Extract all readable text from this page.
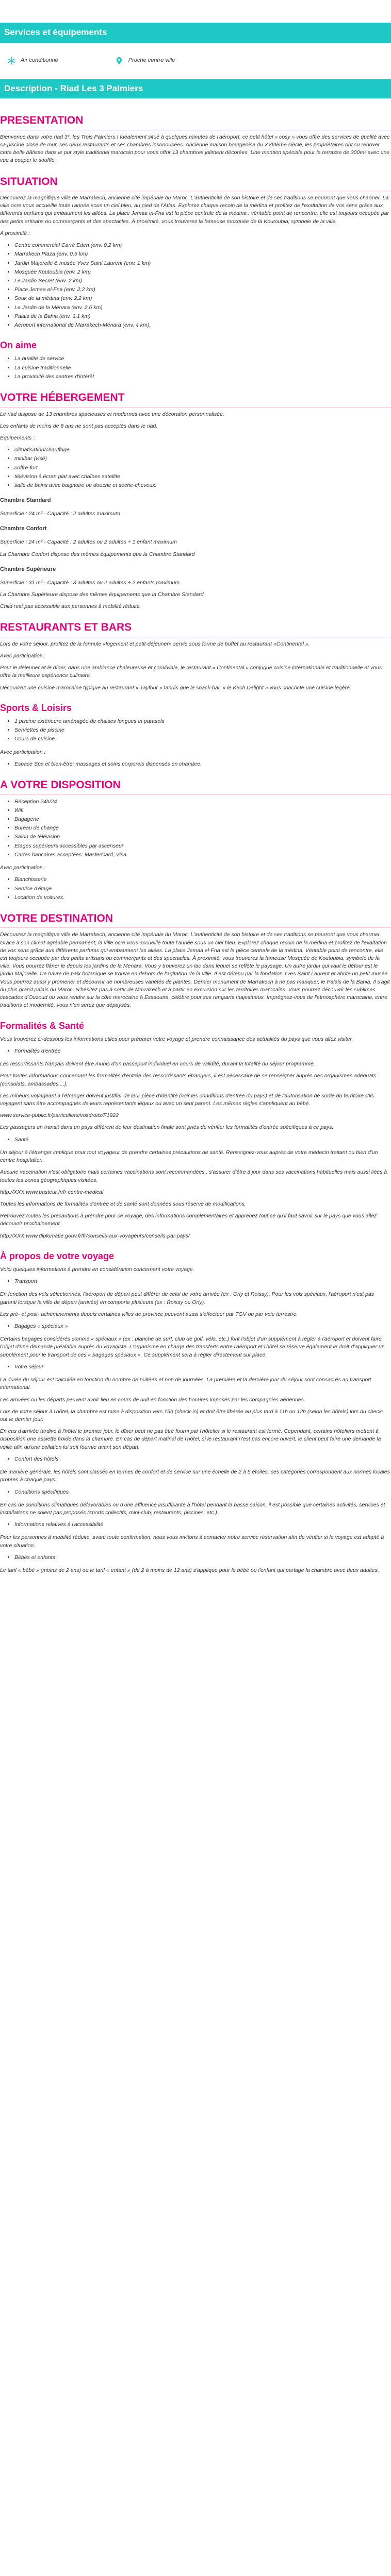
Services et équipements
Air conditionné	Proche centre ville
Description - Riad Les 3 Palmiers
PRESENTATION

Bienvenue dans votre riad 3*, les Trois Palmiers ! Idéalement situé à quelques minutes de l'aéroport, ce petit hôtel « cosy » vous offre des services de qualité avec sa piscine close de mur, ses deux restaurants et ses chambres insonorisées. Ancienne maison bourgeoise du XVIIIème siècle, les propriétaires ont su renover cette belle bâtisse dans le pur style traditionel marocain pour vous offrir 13 chambres joliment décorées. Une mention spéciale pour la terrasse de 300m² avec une vue à couper le souffle.

SITUATION

Découvrez la magnifique ville de Marrakech, ancienne cité impériale du Maroc. L'authenticité de son histoire et de ses traditions se pourront que vous charmer. La ville ocre vous accueille toute l'année sous un ciel bleu, au pied de l'Atlas. Explorez chaque recoin de la médina et profitez de l'exaltation de vos sens grâce aux différents parfums qui embaument les allées. La place Jemaa el-Fna est la pièce centrale de la médina : véritable point de rencontre, elle est toujours occupée par des petits artisans ou commerçants et des spectacles. À proximité, vous trouverez la fameuse mosquée de la Koutoubia, symbole de la ville.

A proximité :

• Centre commercial Carré Eden (env. 0,2 km)
• Marrakech Plaza (env. 0,5 km)
• Jardin Majorelle & musée Yves Saint Laurent (env. 1 km)
• Mosquée Koutoubia (env. 2 km)
• Le Jardin Secret (env. 2 km)
• Place Jemaa el-Fna (env. 2,2 km)
• Souk de la médina (env. 2,2 km)
• Le Jardin de la Ménara (env. 2,6 km)
• Palais de la Bahia (env. 3,1 km)
• Aéroport international de Marrakech-Ménara (env. 4 km).
On aime
• La qualité de service
• La cuisine traditionnelle
• La proximité des centres d'intérêt
VOTRE HÉBERGEMENT

Le riad dispose de 13 chambres spacieuses et modernes avec une décoration personnalisée.

Les enfants de moins de 8 ans ne sont pas acceptés dans le riad.

Equipements :

• climatisation/chauffage
• minibar (visé)
• coffre-fort
• télévision à écran plat avec chaînes satellite
• salle de bains avec baignoire ou douche et sèche-cheveux.
Chambre Standard

Superficie : 24 m² - Capacité : 2 adultes maximum

Chambre Confort

Superficie : 24 m² - Capacité : 2 adultes ou 2 adultes + 1 enfant maximum

La Chambre Confort dispose des mêmes équipements que la Chambre Standard

Chambre Supérieure

Superficie : 31 m² - Capacité : 3 adultes ou 2 adultes + 2 enfants maximum

La Chambre Supérieure dispose des mêmes équipements que la Chambre Standard.

Child rest pas accessible aux personnes à mobilité réduite.

RESTAURANTS ET BARS

Lors de votre séjour, profitez de la formule «logement et petit-déjeuner» servie sous forme de buffet au restaurant «Continental ».

Avec participation :

Pour le déjeuner et le dîner, dans une ambiance chaleureuse et conviviale, le restaurant « Continental » conjugue cuisine internationale et traditionnelle et vous offre la meilleure expérience culinaire.

Découvrez une cuisine marocaine typique au restaurant « Tayfour » tandis que le snack-bar, « le Kech Delight » vous concocte une cuisine légère.

Sports & Loisirs
• 1 piscine extérieure aménagée de chaises longues et parasols
• Serviettes de piscine
• Cours de cuisine.

Avec participation :

• Espace Spa et bien-être: massages et soins corporels dispensés en chambre.
A VOTRE DISPOSITION
• Réception 24h/24
• Wifi
• Bagagerie
• Bureau de change
• Salon de télévision
• Etages supérieurs accessibles par ascenseur
• Cartes bancaires acceptées: MasterCard, Visa.

Avec participation :

• Blanchisserie
• Service d'étage
• Location de voitures.
VOTRE DESTINATION

Découvrez la magnifique ville de Marrakech, ancienne cité impériale du Maroc. L'authenticité de son histoire et de ses traditions se pourront que vous charmer. Grâce à son climat agréable permanent, la ville ocre vous accueille toute l'année sous un ciel bleu. Explorez chaque recoin de la médina et profitez de l'exaltation de vos sens grâce aux différents parfums qui embaument les allées. La place Jemaa el-Fna est la pièce centrale de la médina. Véritable point de rencontre, elle est toujours occupée par des petits artisans ou commerçants et des spectacles. À proximité, vous trouverez la fameuse Mosquée de Koutoubia, symbole de la ville. Vous pourrez flâner le depuis les jardins de la Menara. Vous y trouverez un lac dans lequel se reflète le paysage. Un autre jardin qui vaut le détour est le jardin Majorelle. Ce havre de paix botanique se trouve en dehors de l'agitation de la ville. Il est détenu par la fondation Yves Saint Laurent et abrite un petit musée. Vous pourrez aussi y promener et découvrir de nombreuses variétés de plantes. Dernier monument de Marrakech à ne pas manquer, le Palais de la Bahia. Il s'agit du plus grand palais du Maroc. N'hésitez pas à sortir de Marrakech et à partir en excursion sur les territoires marocains. Vous pourrez découvrir les sublimes cascades d'Ouzoud ou vous rendre sur la côte marocaine à Essaouira, célèbre pour ses remparts majestueux. Imprégnez-vous de l'atmosphère marocaine, entre traditions et modernité, vous n'en serez que dépaysés.

Formalités & Santé

Vous trouverez ci-dessous les informations utiles pour préparer votre voyage et prendre connaissance des actualités du pays que vous allez visiter.

• Formalités d'entrée

Les ressortissants français doivent être munis d'un passeport individuel en cours de validité, durant la totalité du séjour programmé.

Pour toutes informations concernant les formalités d'entrée des ressortissants étrangers, il est nécessaire de se renseigner auprès des organismes adéquats (consulats, ambassades,...).

Les mineurs voyageant à l'étranger doivent justifier de leur pièce d'identité (voir les conditions d'entrée du pays) et de l'autorisation de sortie du territoire s'ils voyagent sans être accompagnés de leurs représentants légaux ou avec un seul parent. Les mêmes règles s'appliquent au bébé.

www.service-public.fr/particuliers/vosdroits/F1922

Les passagers en transit dans un pays différent de leur destination finale sont priés de vérifier les formalités d'entrée spécifiques à ce pays.

• Santé

Un séjour à l'étranger implique pour tout voyageur de prendre certaines précautions de santé. Renseignez-vous auprès de votre médecin traitant ou bien d'un centre hospitalier.

Aucune vaccination n'est obligatoire mais certaines vaccinations sont recommandées : s'assurer d'être à jour dans ses vaccinations habituelles mais aussi liées à toutes les zones géographiques visitées.

http://XXX.www.pasteur.fr/fr centre-medical

Toutes les informations de formalités d'entrée et de santé sont données sous réserve de modifications.

Retrouvez toutes les précautions à prendre pour ce voyage, des informations complémentaires et apprenez tout ce qu'il faut savoir sur le pays que vous allez découvrir prochainement.

http://XXX.www.diplomatie.gouv.fr/fr/conseils-aux-voyageurs/conseils-par-pays/

À propos de votre voyage

Voici quelques informations à prendre en considération concernant votre voyage.

• Transport

En fonction des vols sélectionnés, l'aéroport de départ peut différer de celui de votre arrivée (ex : Orly et Roissy). Pour les vols spéciaux, l'aéroport n'est pas garanti lorsque la ville de départ (arrivée) en comporte plusieurs (ex : Roissy ou Orly).

Les pré- et post- acheminements depuis certaines villes de province peuvent aussi s'effectuer par TGV ou par voie terrestre.

• Bagages « spéciaux »

Certains bagages considérés comme « spéciaux » (ex : planche de surf, club de golf, vélo, etc.) font l'objet d'un supplément à régler à l'aéroport et doivent faire l'objet d'une demande préalable auprès du voyagiste. L'organisme en charge des transferts entre l'aéroport et l'hôtel se réserve également le droit d'appliquer un supplément pour le transport de ces « bagages spéciaux ». Ce supplément sera à régler directement sur place.

• Votre séjour

La durée du séjour est calculée en fonction du nombre de nuitées et non de journées. La première et la dernière jour du séjour sont consacrés au transport international.

Les arrivées ou les départs peuvent avoir lieu en cours de nuit en fonction des horaires imposés par les compagnies aériennes.

Lors de votre séjour à l'hôtel, la chambre est mise à disposition vers 15h (check-in) et doit être libérée au plus tard à 11h ou 12h (selon les hôtels) lors du check-out le dernier jour.

En cas d'arrivée tardive à l'hôtel le premier jour, le dîner peut ne pas être fourni par l'hôtelier si le restaurant est fermé. Cependant, certains hôteliers mettent à disposition une assiette froide dans la chambre. En cas de départ matinal de l'hôtel, si le restaurant n'est pas encore ouvert, le client peut faire une demande la veille afin qu'une collation lui soit fournie avant son départ.

• Confort des hôtels

De manière générale, les hôtels sont classés en termes de confort et de service sur une échelle de 2 à 5 étoiles, ces catégories correspondent aux normes locales propres à chaque pays.

• Conditions spécifiques

En cas de conditions climatiques défavorables ou d'une affluence insuffisante à l'hôtel pendant la basse saison, il est possible que certaines activités, services et installations ne soient pas proposés (sports collectifs, mini-club, restaurants, piscines, etc.).

• Informations relatives à l'accessibilité

Pour les personnes à mobilité réduite, avant toute confirmation, nous vous invitons à contacter notre service réservation afin de vérifier si le voyage est adapté à votre situation.

• Bébés et enfants

Le tarif « bébé » (moins de 2 ans) ou le tarif « enfant » (de 2 à moins de 12 ans) s'applique pour le bébé ou l'enfant qui partage la chambre avec deux adultes.
